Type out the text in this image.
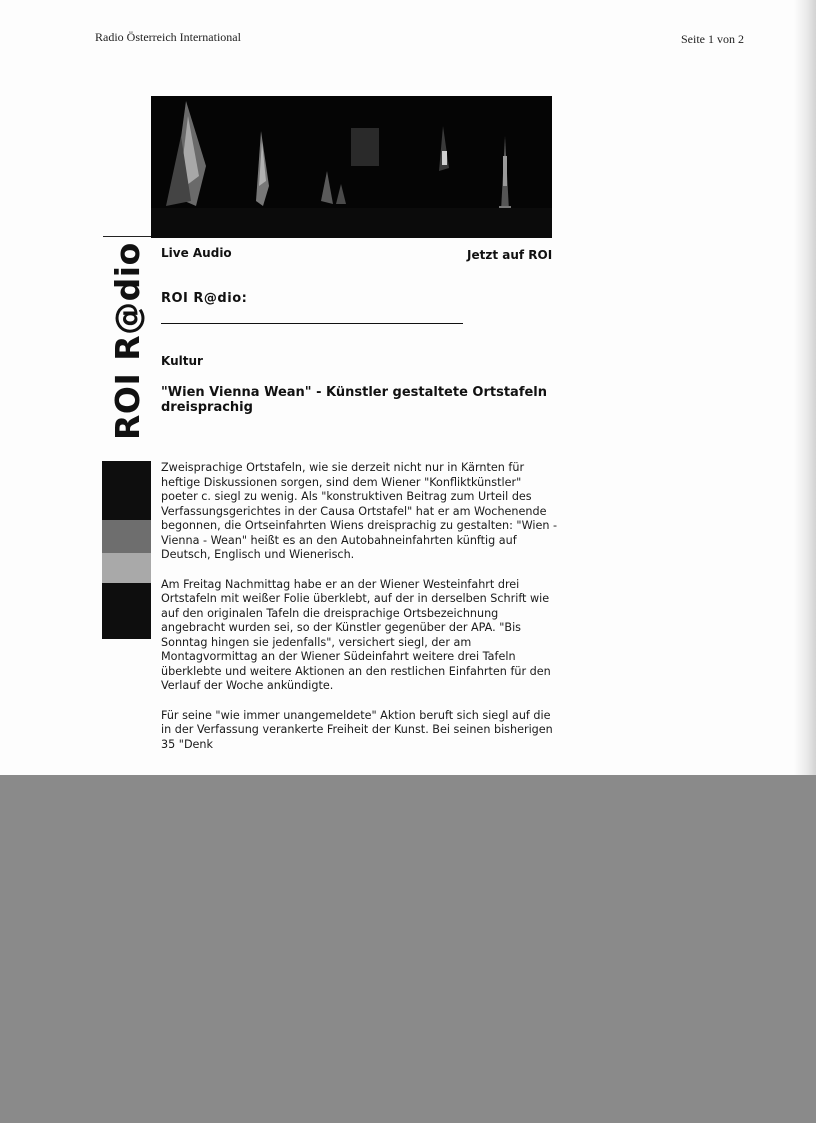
Radio Österreich International	Seite 1 von 2
ROI R@dio Live Audio	Jetzt auf ROI
ROI R@dio:
Kultur
"Wien Vienna Wean" - Künstler gestaltete Ortstafeln dreisprachig

Zweisprachige Ortstafeln, wie sie derzeit nicht nur in Kärnten für heftige Diskussionen sorgen, sind dem Wiener "Konfliktkünstler" poeter c. siegl zu wenig. Als "konstruktiven Beitrag zum Urteil des Verfassungsgerichtes in der Causa Ortstafel" hat er am Wochenende begonnen, die Ortseinfahrten Wiens dreisprachig zu gestalten: "Wien - Vienna - Wean" heißt es an den Autobahneinfahrten künftig auf Deutsch, Englisch und Wienerisch.

Am Freitag Nachmittag habe er an der Wiener Westeinfahrt drei Ortstafeln mit weißer Folie überklebt, auf der in derselben Schrift wie auf den originalen Tafeln die dreisprachige Ortsbezeichnung angebracht wurden sei, so der Künstler gegenüber der APA. "Bis Sonntag hingen sie jedenfalls", versichert siegl, der am Montagvormittag an der Wiener Südeinfahrt weitere drei Tafeln überklebte und weitere Aktionen an den restlichen Einfahrten für den Verlauf der Woche ankündigte.

Für seine "wie immer unangemeldete" Aktion beruft sich siegl auf die in der Verfassung verankerte Freiheit der Kunst. Bei seinen bisherigen 35 "Denk
